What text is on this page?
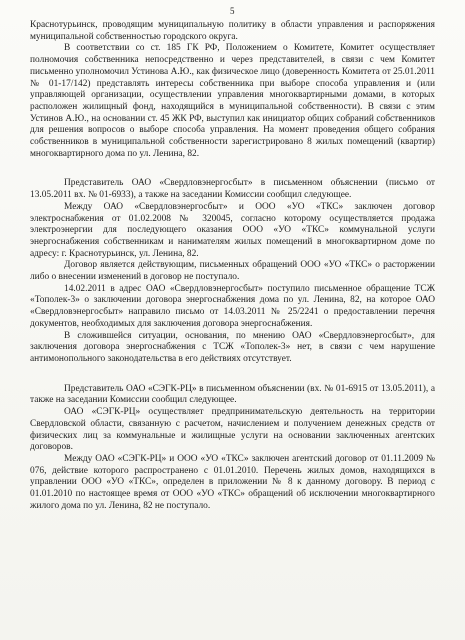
5

Краснотурьинск, проводящим муниципальную политику в области управления и распоряжения муниципальной собственностью городского округа.

В соответствии со ст. 185 ГК РФ, Положением о Комитете, Комитет осуществляет полномочия собственника непосредственно и через представителей, в связи с чем Комитет письменно уполномочил Устинова А.Ю., как физическое лицо (доверенность Комитета от 25.01.2011 № 01-17/142) представлять интересы собственника при выборе способа управления и (или управляющей организации, осуществлении управления многоквартирными домами, в которых расположен жилищный фонд, находящийся в муниципальной собственности). В связи с этим Устинов А.Ю., на основании ст. 45 ЖК РФ, выступил как инициатор общих собраний собственников для решения вопросов о выборе способа управления. На момент проведения общего собрания собственников в муниципальной собственности зарегистрировано 8 жилых помещений (квартир) многоквартирного дома по ул. Ленина, 82.

Представитель ОАО «Свердловэнергосбыт» в письменном объяснении (письмо от 13.05.2011 вх. № 01-6933), а также на заседании Комиссии сообщил следующее.

Между ОАО «Свердловэнергосбыт» и ООО «УО «ТКС» заключен договор электроснабжения от 01.02.2008 № 320045, согласно которому осуществляется продажа электроэнергии для последующего оказания ООО «УО «ТКС» коммунальной услуги энергоснабжения собственникам и нанимателям жилых помещений в многоквартирном доме по адресу: г. Краснотурьинск, ул. Ленина, 82.

Договор является действующим, письменных обращений ООО «УО «ТКС» о расторжении либо о внесении изменений в договор не поступало.

14.02.2011 в адрес ОАО «Свердловэнергосбыт» поступило письменное обращение ТСЖ «Тополек-3» о заключении договора энергоснабжения дома по ул. Ленина, 82, на которое ОАО «Свердловэнергосбыт» направило письмо от 14.03.2011 № 25/2241 о предоставлении перечня документов, необходимых для заключения договора энергоснабжения.

В сложившейся ситуации, основания, по мнению ОАО «Свердловэнергосбыт», для заключения договора энергоснабжения с ТСЖ «Тополек-3» нет, в связи с чем нарушение антимонопольного законодательства в его действиях отсутствует.

Представитель ОАО «СЭГК-РЦ» в письменном объяснении (вх. № 01-6915 от 13.05.2011), а также на заседании Комиссии сообщил следующее.

ОАО «СЭГК-РЦ» осуществляет предпринимательскую деятельность на территории Свердловской области, связанную с расчетом, начислением и получением денежных средств от физических лиц за коммунальные и жилищные услуги на основании заключенных агентских договоров.

Между ОАО «СЭГК-РЦ» и ООО «УО «ТКС» заключен агентский договор от 01.11.2009 № 076, действие которого распространено с 01.01.2010. Перечень жилых домов, находящихся в управлении ООО «УО «ТКС», определен в приложении № 8 к данному договору. В период с 01.01.2010 по настоящее время от ООО «УО «ТКС» обращений об исключении многоквартирного жилого дома по ул. Ленина, 82 не поступало.
